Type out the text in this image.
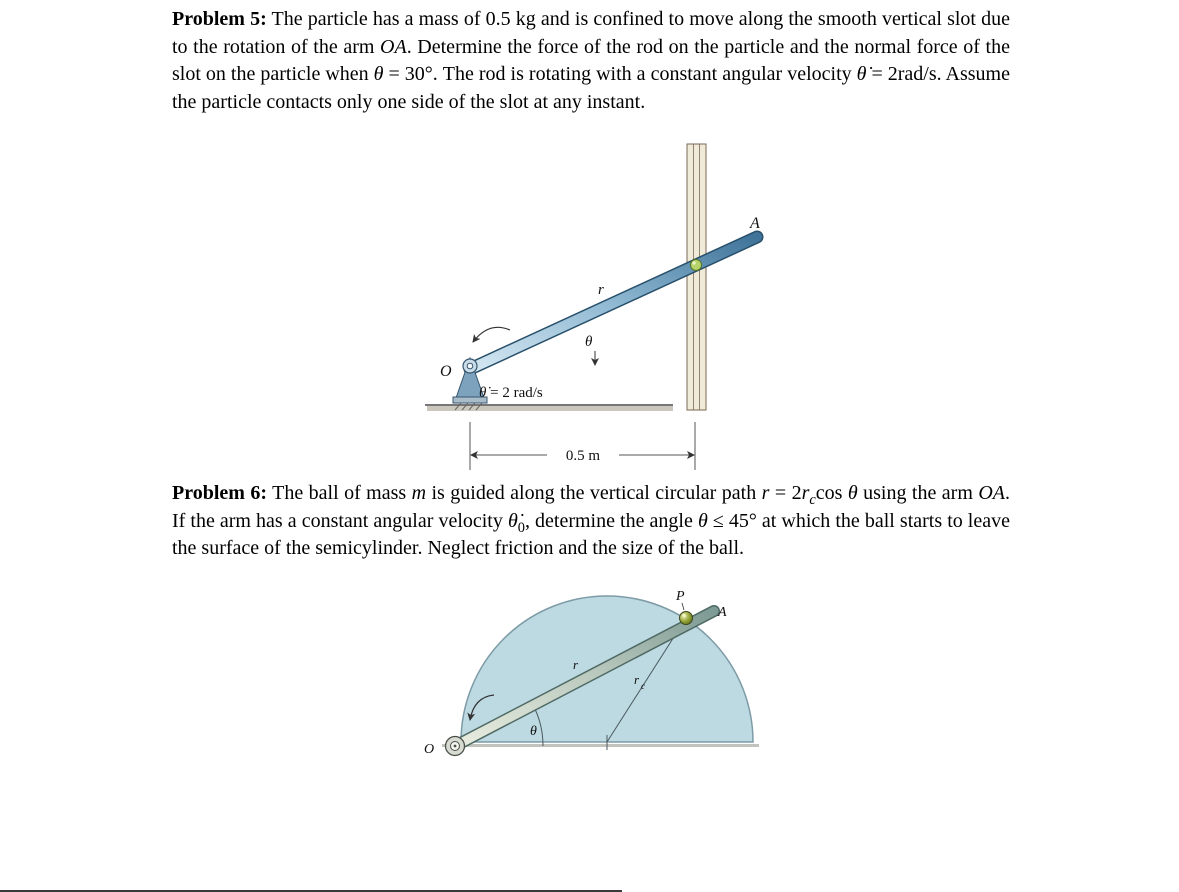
Problem 5: The particle has a mass of 0.5 kg and is confined to move along the smooth vertical slot due to the rotation of the arm OA. Determine the force of the rod on the particle and the normal force of the slot on the particle when θ = 30°. The rod is rotating with a constant angular velocity θ̇ = 2rad/s. Assume the particle contacts only one side of the slot at any instant.

O
A
r
θ
θ̇ = 2 rad/s
0.5 m

Problem 6: The ball of mass m is guided along the vertical circular path $r = 2r_c\cos$ θ using the arm OA. If the arm has a constant angular velocity $\thetȧ_0$, determine the angle θ ≤ 45° at which the ball starts to leave the surface of the semicylinder. Neglect friction and the size of the ball.

O
P
A
r
r c
θ
